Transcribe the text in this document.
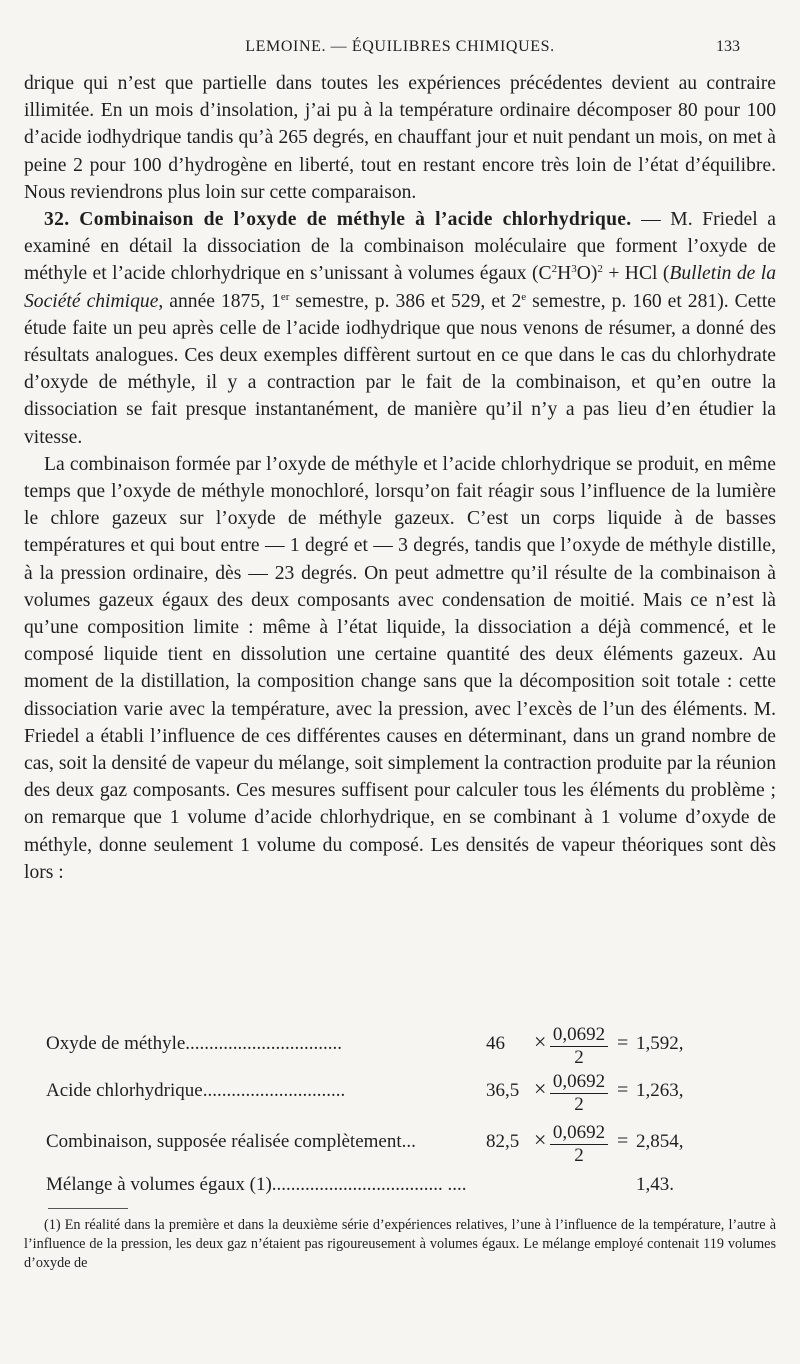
LEMOINE. — ÉQUILIBRES CHIMIQUES.	133

drique qui n’est que partielle dans toutes les expériences précédentes devient au contraire illimitée. En un mois d’insolation, j’ai pu à la température ordinaire décomposer 80 pour 100 d’acide iodhydrique tandis qu’à 265 degrés, en chauffant jour et nuit pendant un mois, on met à peine 2 pour 100 d’hydrogène en liberté, tout en restant encore très loin de l’état d’équilibre. Nous reviendrons plus loin sur cette comparaison.

32. Combinaison de l’oxyde de méthyle à l’acide chlorhydrique. — M. Friedel a examiné en détail la dissociation de la combinaison moléculaire que forment l’oxyde de méthyle et l’acide chlorhydrique en s’unissant à volumes égaux $(C^2H^3O)^2$ + HCl (Bulletin de la Société chimique, année 1875, 1er semestre, p. 386 et 529, et 2e semestre, p. 160 et 281). Cette étude faite un peu après celle de l’acide iodhydrique que nous venons de résumer, a donné des résultats analogues. Ces deux exemples diffèrent surtout en ce que dans le cas du chlorhydrate d’oxyde de méthyle, il y a contraction par le fait de la combinaison, et qu’en outre la dissociation se fait presque instantanément, de manière qu’il n’y a pas lieu d’en étudier la vitesse.

La combinaison formée par l’oxyde de méthyle et l’acide chlorhydrique se produit, en même temps que l’oxyde de méthyle monochloré, lorsqu’on fait réagir sous l’influence de la lumière le chlore gazeux sur l’oxyde de méthyle gazeux. C’est un corps liquide à de basses températures et qui bout entre — 1 degré et — 3 degrés, tandis que l’oxyde de méthyle distille, à la pression ordinaire, dès — 23 degrés. On peut admettre qu’il résulte de la combinaison à volumes gazeux égaux des deux composants avec condensation de moitié. Mais ce n’est là qu’une composition limite : même à l’état liquide, la dissociation a déjà commencé, et le composé liquide tient en dissolution une certaine quantité des deux éléments gazeux. Au moment de la distillation, la composition change sans que la décomposition soit totale : cette dissociation varie avec la température, avec la pression, avec l’excès de l’un des éléments. M. Friedel a établi l’influence de ces différentes causes en déterminant, dans un grand nombre de cas, soit la densité de vapeur du mélange, soit simplement la contraction produite par la réunion des deux gaz composants. Ces mesures suffisent pour calculer tous les éléments du problème ; on remarque que 1 volume d’acide chlorhydrique, en se combinant à 1 volume d’oxyde de méthyle, donne seulement 1 volume du composé. Les densités de vapeur théoriques sont dès lors :

Oxyde de méthyle.................................	$46 \times \frac{0,0692}{2} = 1,592$,
Acide chlorhydrique..............................	$36,5 \times \frac{0,0692}{2} = 1,263$,
Combinaison, supposée réalisée complètement...	$82,5 \times \frac{0,0692}{2} = 2,854$,
Mélange à volumes égaux (1).................................... ....	1,43.

(1) En réalité dans la première et dans la deuxième série d’expériences relatives, l’une à l’influence de la température, l’autre à l’influence de la pression, les deux gaz n’étaient pas rigoureusement à volumes égaux. Le mélange employé contenait 119 volumes d’oxyde de
